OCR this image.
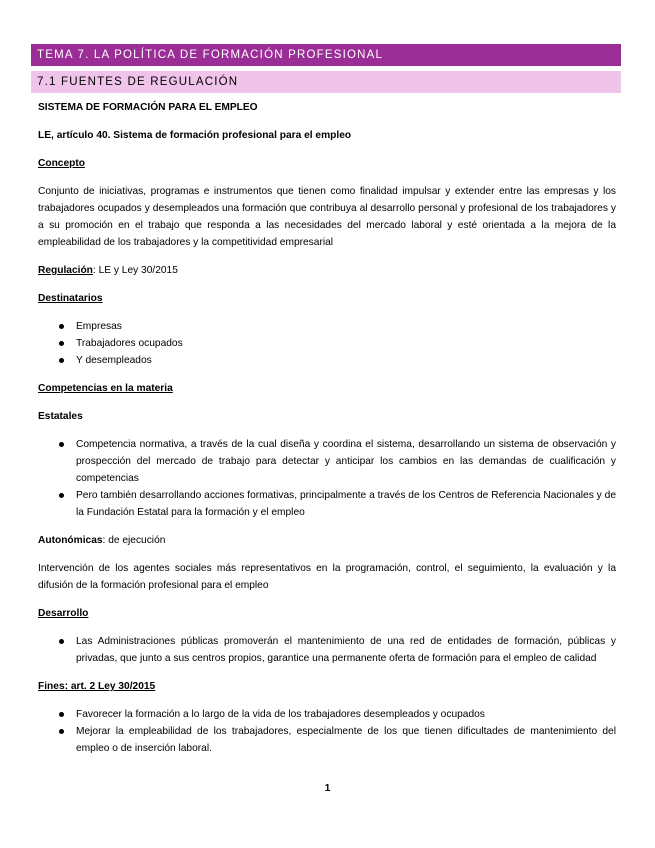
TEMA 7. LA POLÍTICA DE FORMACIÓN PROFESIONAL
7.1 FUENTES DE REGULACIÓN

SISTEMA DE FORMACIÓN PARA EL EMPLEO

LE, artículo 40. Sistema de formación profesional para el empleo

Concepto

Conjunto de iniciativas, programas e instrumentos que tienen como finalidad impulsar y extender entre las empresas y los trabajadores ocupados y desempleados una formación que contribuya al desarrollo personal y profesional de los trabajadores y a su promoción en el trabajo que responda a las necesidades del mercado laboral y esté orientada a la mejora de la empleabilidad de los trabajadores y la competitividad empresarial

Regulación: LE y Ley 30/2015

Destinatarios

Empresas
Trabajadores ocupados
Y desempleados

Competencias en la materia

Estatales

Competencia normativa, a través de la cual diseña y coordina el sistema, desarrollando un sistema de observación y prospección del mercado de trabajo para detectar y anticipar los cambios en las demandas de cualificación y competencias
Pero también desarrollando acciones formativas, principalmente a través de los Centros de Referencia Nacionales y de la Fundación Estatal para la formación y el empleo

Autonómicas: de ejecución

Intervención de los agentes sociales más representativos en la programación, control, el seguimiento, la evaluación y la difusión de la formación profesional para el empleo

Desarrollo

Las Administraciones públicas promoverán el mantenimiento de una red de entidades de formación, públicas y privadas, que junto a sus centros propios, garantice una permanente oferta de formación para el empleo de calidad

Fines: art. 2 Ley 30/2015

Favorecer la formación a lo largo de la vida de los trabajadores desempleados y ocupados
Mejorar la empleabilidad de los trabajadores, especialmente de los que tienen dificultades de mantenimiento del empleo o de inserción laboral.
1
